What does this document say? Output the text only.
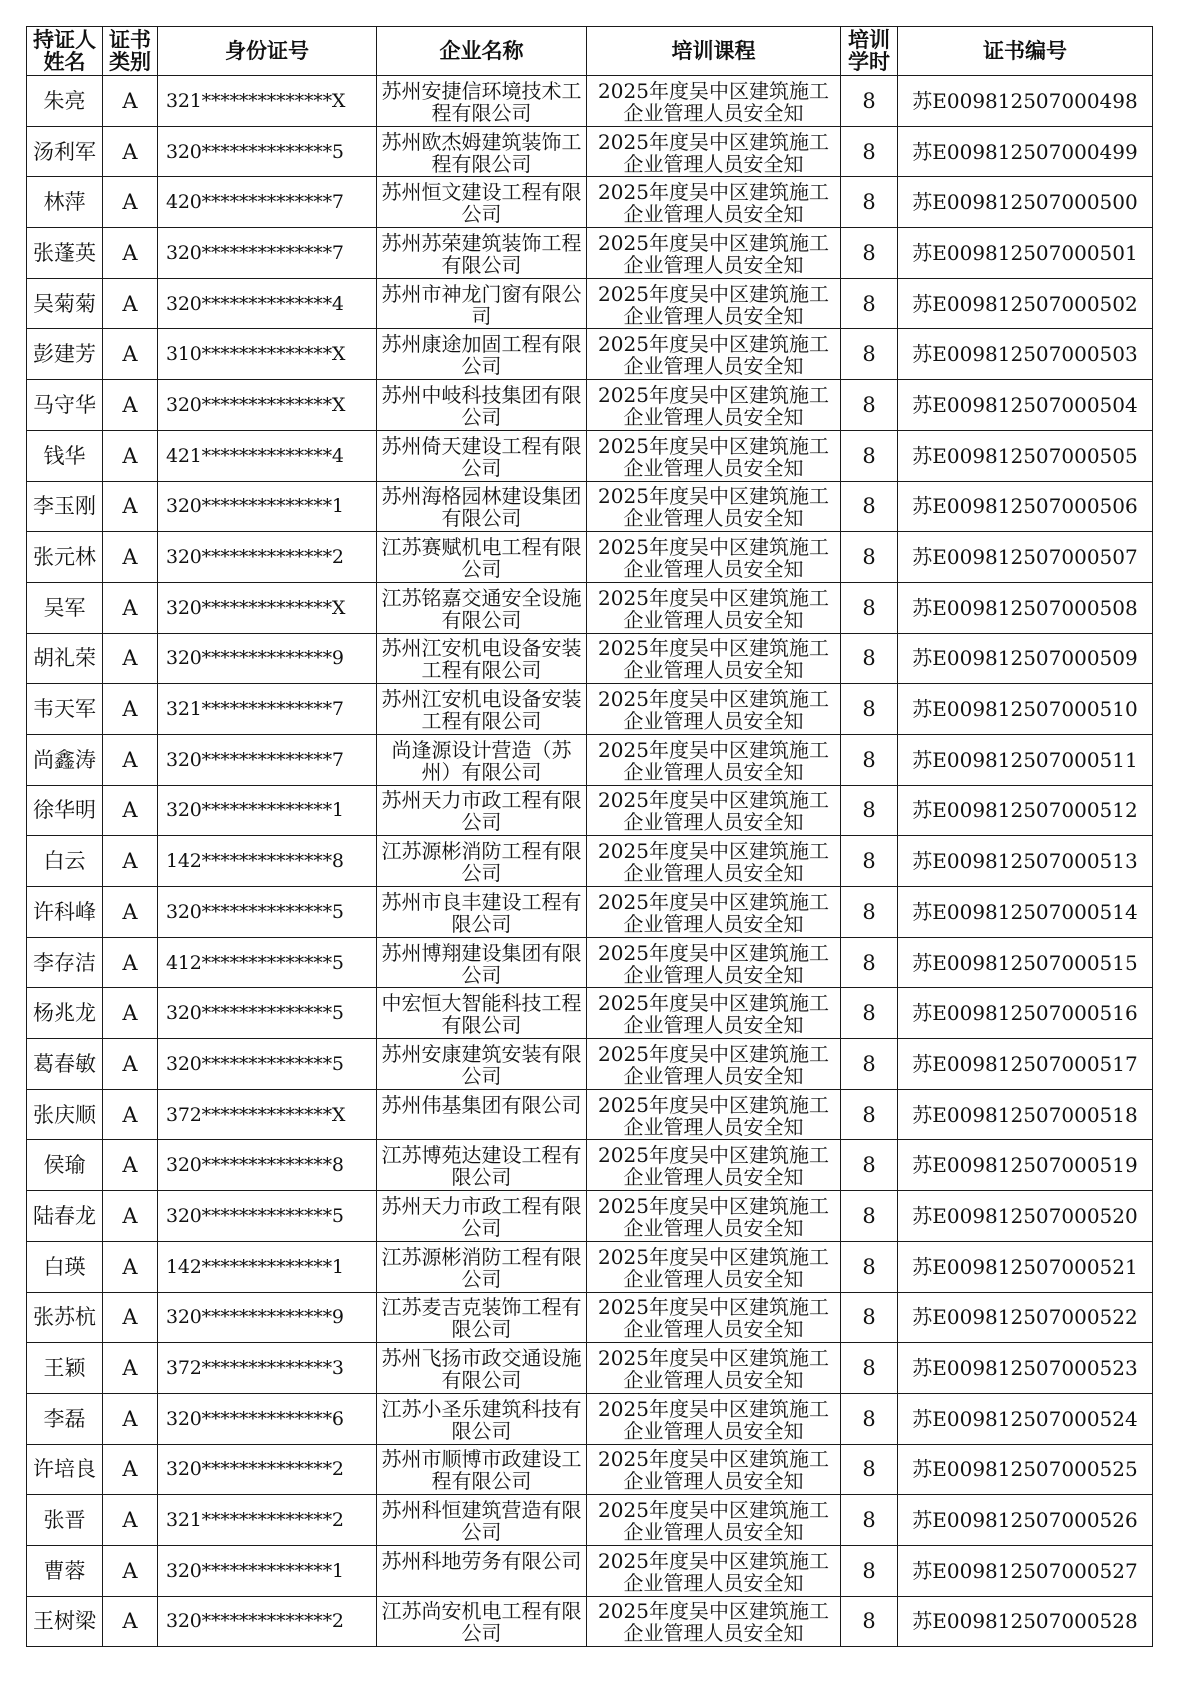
持证人姓名	证书类别	身份证号	企业名称	培训课程	培训学时	证书编号
朱亮	A	321**************X	苏州安捷信环境技术工程有限公司	2025年度吴中区建筑施工企业管理人员安全知	8	苏E009812507000498
汤利军	A	320**************5	苏州欧杰姆建筑装饰工程有限公司	2025年度吴中区建筑施工企业管理人员安全知	8	苏E009812507000499
林萍	A	420**************7	苏州恒文建设工程有限公司	2025年度吴中区建筑施工企业管理人员安全知	8	苏E009812507000500
张蓬英	A	320**************7	苏州苏荣建筑装饰工程有限公司	2025年度吴中区建筑施工企业管理人员安全知	8	苏E009812507000501
吴菊菊	A	320**************4	苏州市神龙门窗有限公司	2025年度吴中区建筑施工企业管理人员安全知	8	苏E009812507000502
彭建芳	A	310**************X	苏州康途加固工程有限公司	2025年度吴中区建筑施工企业管理人员安全知	8	苏E009812507000503
马守华	A	320**************X	苏州中岐科技集团有限公司	2025年度吴中区建筑施工企业管理人员安全知	8	苏E009812507000504
钱华	A	421**************4	苏州倚天建设工程有限公司	2025年度吴中区建筑施工企业管理人员安全知	8	苏E009812507000505
李玉刚	A	320**************1	苏州海格园林建设集团有限公司	2025年度吴中区建筑施工企业管理人员安全知	8	苏E009812507000506
张元林	A	320**************2	江苏赛赋机电工程有限公司	2025年度吴中区建筑施工企业管理人员安全知	8	苏E009812507000507
吴军	A	320**************X	江苏铭嘉交通安全设施有限公司	2025年度吴中区建筑施工企业管理人员安全知	8	苏E009812507000508
胡礼荣	A	320**************9	苏州江安机电设备安装工程有限公司	2025年度吴中区建筑施工企业管理人员安全知	8	苏E009812507000509
韦天军	A	321**************7	苏州江安机电设备安装工程有限公司	2025年度吴中区建筑施工企业管理人员安全知	8	苏E009812507000510
尚鑫涛	A	320**************7	尚逢源设计营造（苏州）有限公司	2025年度吴中区建筑施工企业管理人员安全知	8	苏E009812507000511
徐华明	A	320**************1	苏州天力市政工程有限公司	2025年度吴中区建筑施工企业管理人员安全知	8	苏E009812507000512
白云	A	142**************8	江苏源彬消防工程有限公司	2025年度吴中区建筑施工企业管理人员安全知	8	苏E009812507000513
许科峰	A	320**************5	苏州市良丰建设工程有限公司	2025年度吴中区建筑施工企业管理人员安全知	8	苏E009812507000514
李存洁	A	412**************5	苏州博翔建设集团有限公司	2025年度吴中区建筑施工企业管理人员安全知	8	苏E009812507000515
杨兆龙	A	320**************5	中宏恒大智能科技工程有限公司	2025年度吴中区建筑施工企业管理人员安全知	8	苏E009812507000516
葛春敏	A	320**************5	苏州安康建筑安装有限公司	2025年度吴中区建筑施工企业管理人员安全知	8	苏E009812507000517
张庆顺	A	372**************X	苏州伟基集团有限公司	2025年度吴中区建筑施工企业管理人员安全知	8	苏E009812507000518
侯瑜	A	320**************8	江苏博苑达建设工程有限公司	2025年度吴中区建筑施工企业管理人员安全知	8	苏E009812507000519
陆春龙	A	320**************5	苏州天力市政工程有限公司	2025年度吴中区建筑施工企业管理人员安全知	8	苏E009812507000520
白瑛	A	142**************1	江苏源彬消防工程有限公司	2025年度吴中区建筑施工企业管理人员安全知	8	苏E009812507000521
张苏杭	A	320**************9	江苏麦吉克装饰工程有限公司	2025年度吴中区建筑施工企业管理人员安全知	8	苏E009812507000522
王颖	A	372**************3	苏州飞扬市政交通设施有限公司	2025年度吴中区建筑施工企业管理人员安全知	8	苏E009812507000523
李磊	A	320**************6	江苏小圣乐建筑科技有限公司	2025年度吴中区建筑施工企业管理人员安全知	8	苏E009812507000524
许培良	A	320**************2	苏州市顺博市政建设工程有限公司	2025年度吴中区建筑施工企业管理人员安全知	8	苏E009812507000525
张晋	A	321**************2	苏州科恒建筑营造有限公司	2025年度吴中区建筑施工企业管理人员安全知	8	苏E009812507000526
曹蓉	A	320**************1	苏州科地劳务有限公司	2025年度吴中区建筑施工企业管理人员安全知	8	苏E009812507000527
王树梁	A	320**************2	江苏尚安机电工程有限公司	2025年度吴中区建筑施工企业管理人员安全知	8	苏E009812507000528
